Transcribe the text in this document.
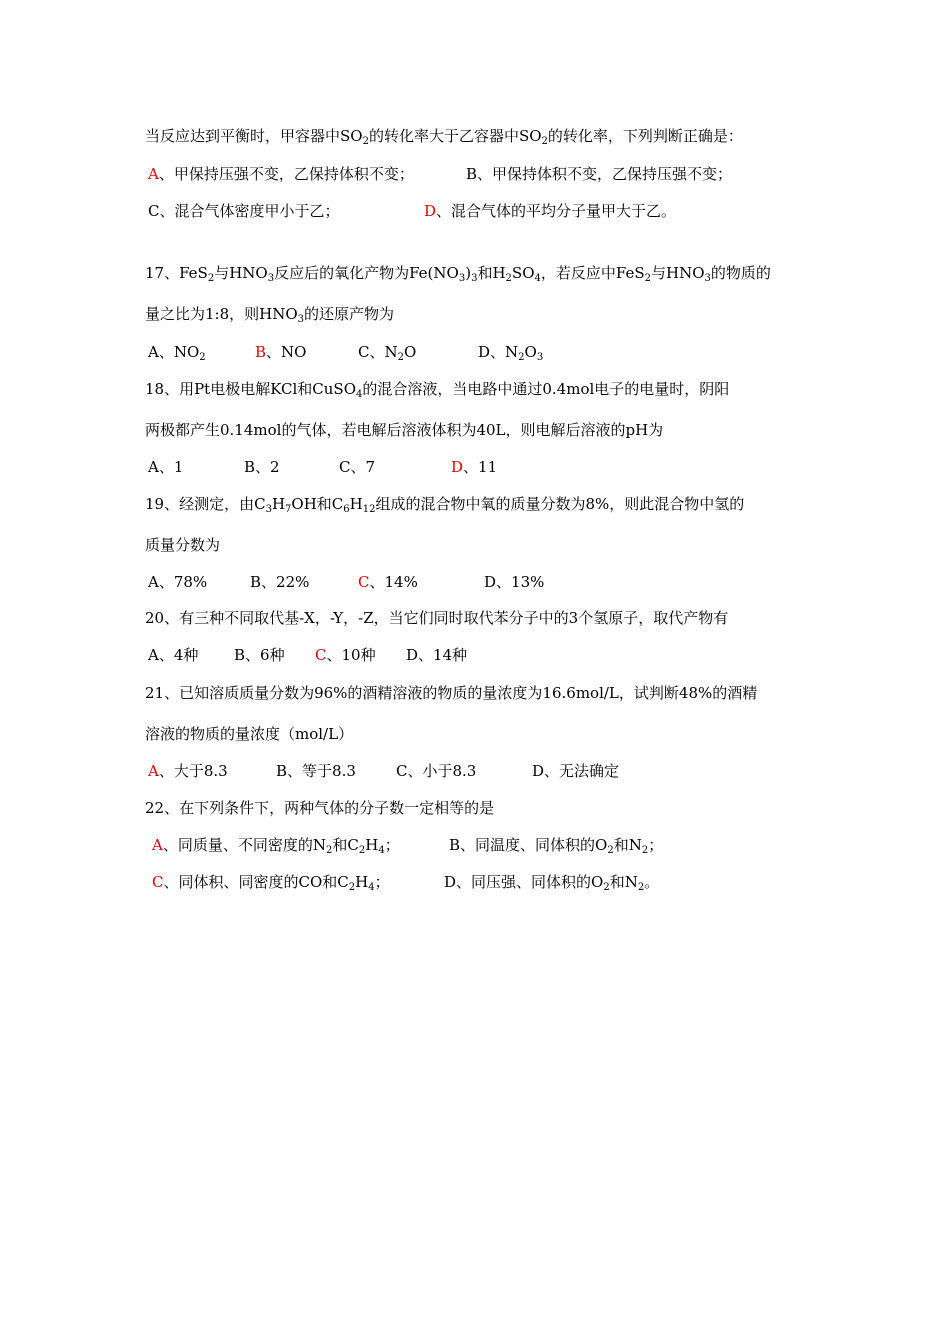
当反应达到平衡时，甲容器中$SO_2$的转化率大于乙容器中$SO_2$的转化率，下列判断正确是：
A、甲保持压强不变，乙保持体积不变；	B、甲保持体积不变，乙保持压强不变；
C、混合气体密度甲小于乙；	D、混合气体的平均分子量甲大于乙。
17、FeS$_2$与$HNO_3$反应后的氧化产物为$Fe(NO_3)_3$和$H_2SO_4$，若反应中FeS$_2$与$HNO_3$的物质的
量之比为1:8，则$HNO_3$的还原产物为
A、$NO_2$	B、NO	C、$N_2O$	D、$N_2O_3$
18、用Pt电极电解KCl和CuSO$_4$的混合溶液，当电路中通过0.4mol电子的电量时，阴阳
两极都产生0.14mol的气体，若电解后溶液体积为40L，则电解后溶液的pH为
A、1	B、2	C、7	D、11
19、经测定，由$C_3H_7OH$和$C_6H_{12}$组成的混合物中氧的质量分数为8%，则此混合物中氢的
质量分数为
A、78%	B、22%	C、14%	D、13%
20、有三种不同取代基-X，-Y，-Z，当它们同时取代苯分子中的3个氢原子，取代产物有
A、4种 B、6种 C、10种 D、14种
21、已知溶质质量分数为96%的酒精溶液的物质的量浓度为16.6mol/L，试判断48%的酒精
溶液的物质的量浓度（mol/L）
A、大于8.3	B、等于8.3	C、小于8.3	D、无法确定
22、在下列条件下，两种气体的分子数一定相等的是
A、同质量、不同密度的$N_2$和$C_2H_4$；	B、同温度、同体积的$O_2$和$N_2$；
C、同体积、同密度的CO和$C_2H_4$；	D、同压强、同体积的$O_2$和$N_2$。
